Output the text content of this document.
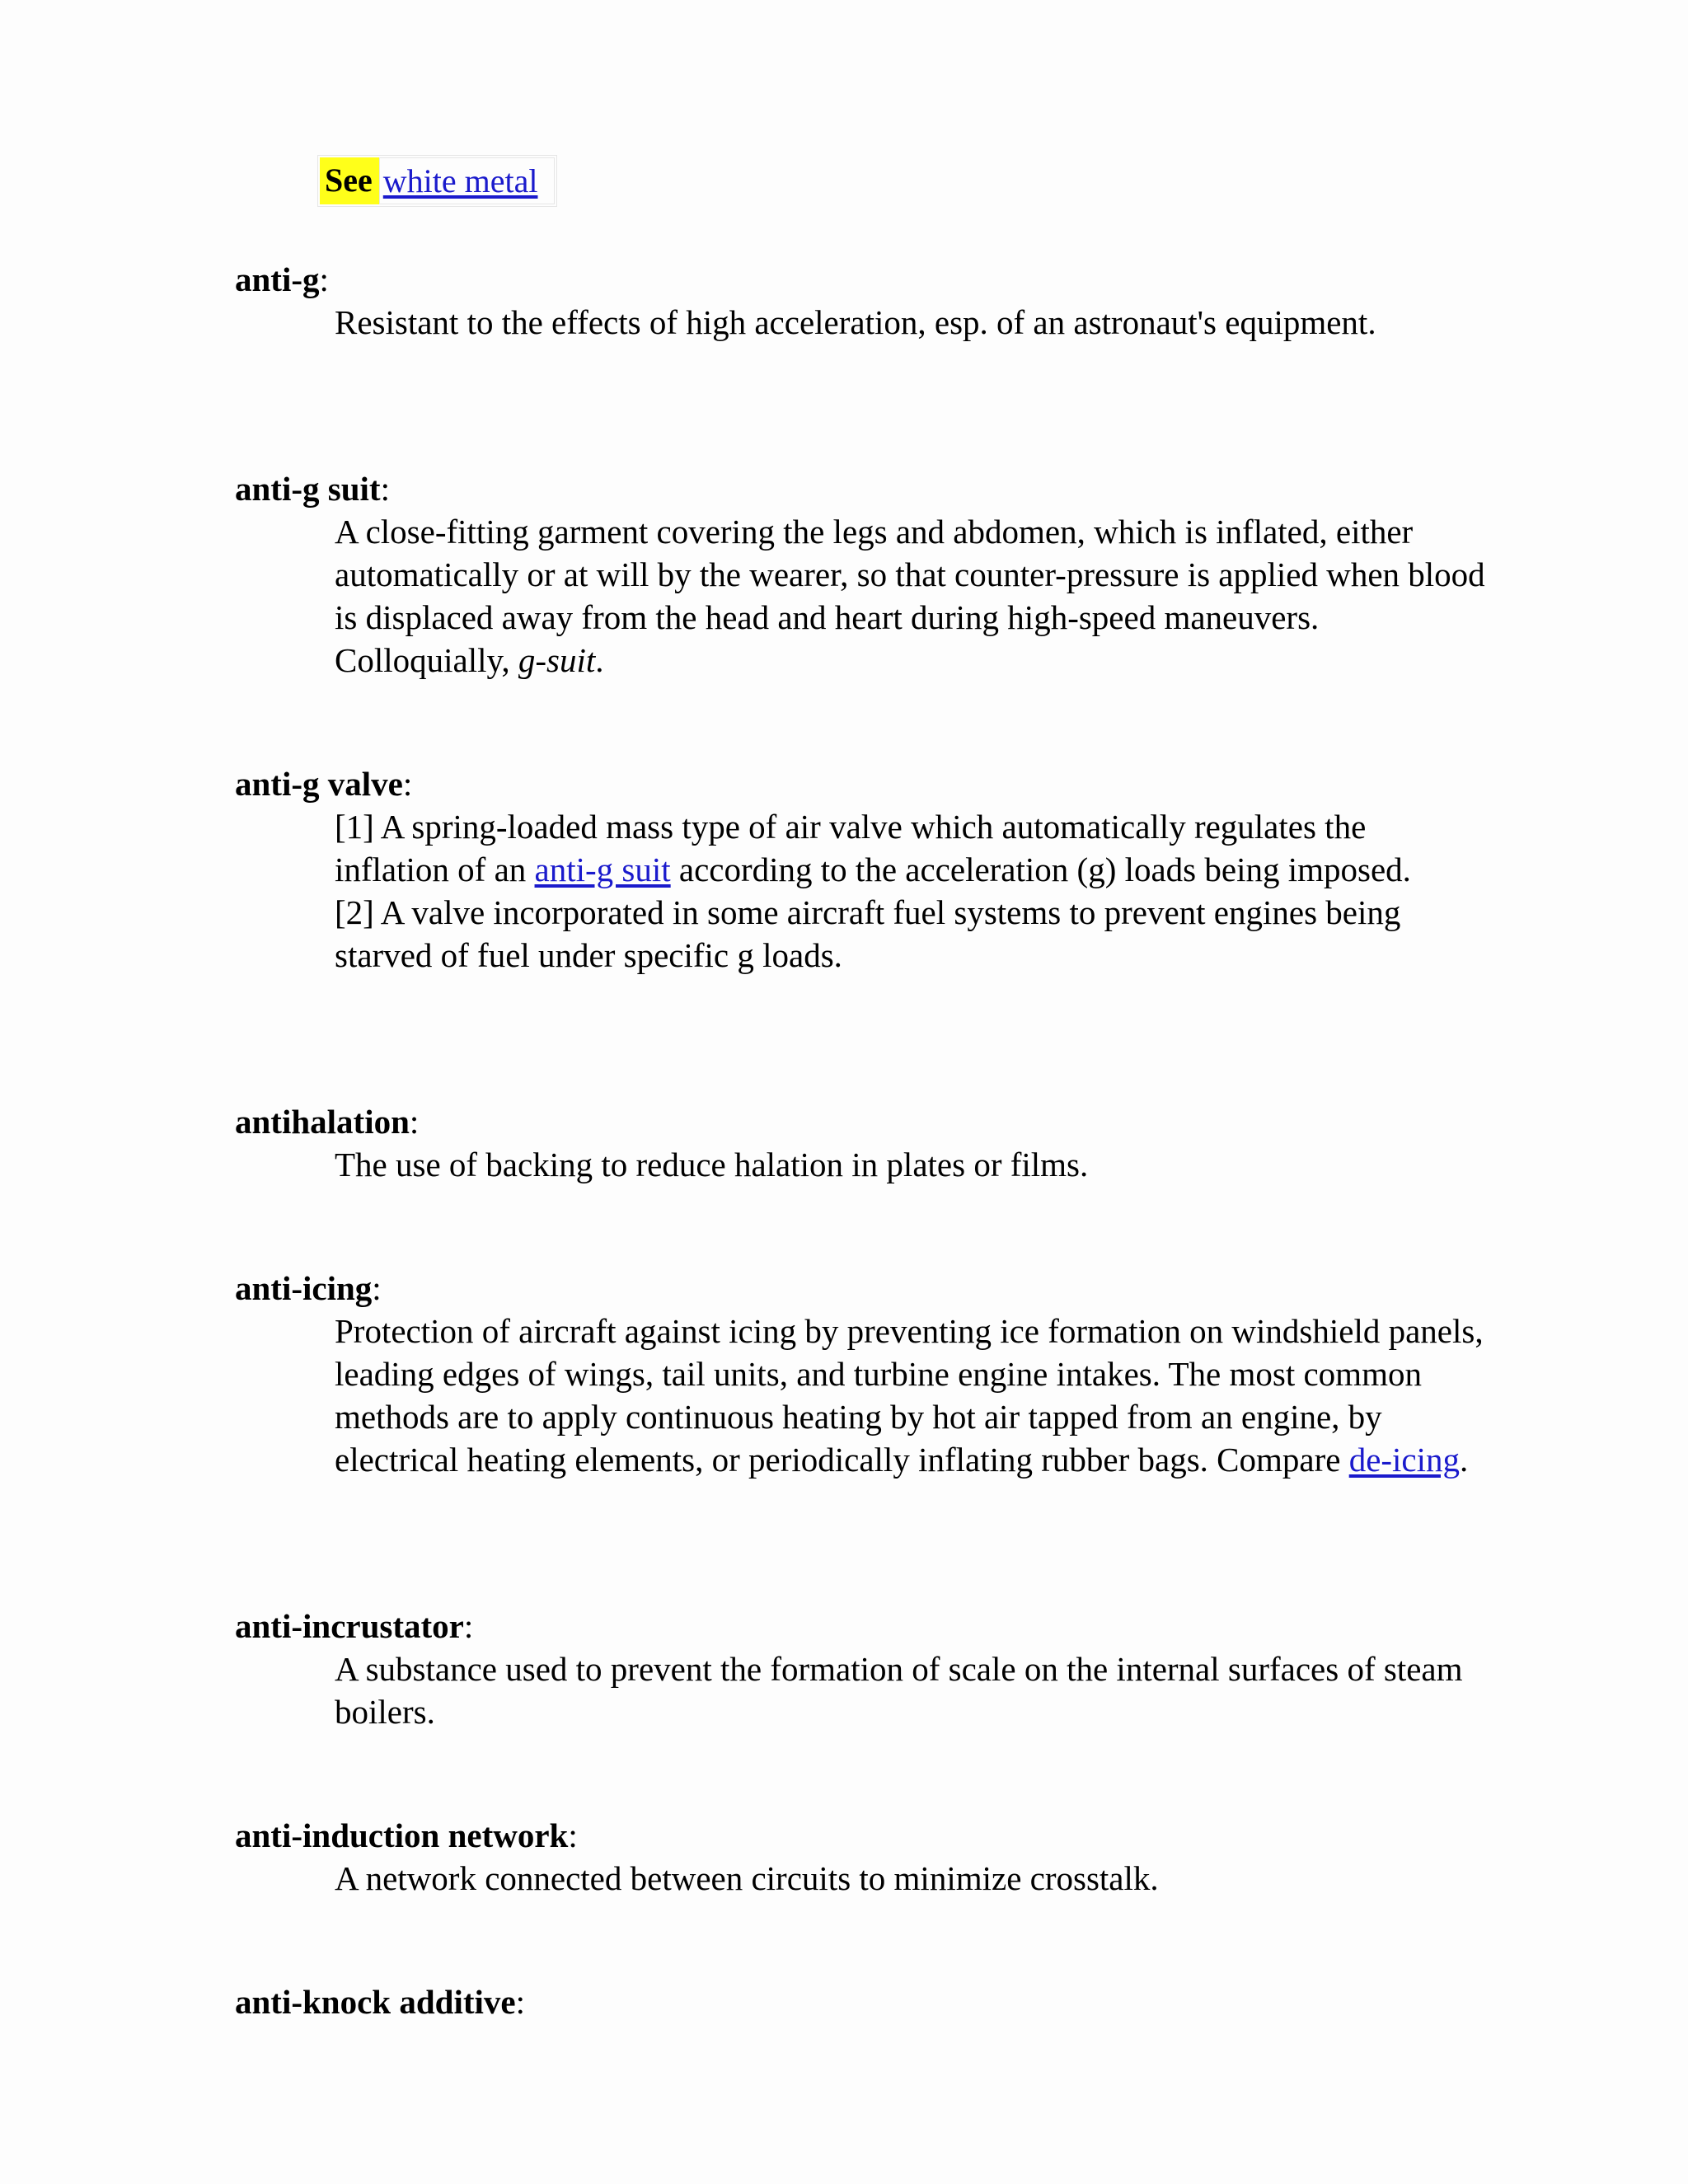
See white metal
anti-g:

Resistant to the effects of high acceleration, esp. of an astronaut's equipment.

anti-g suit:

A close-fitting garment covering the legs and abdomen, which is inflated, either automatically or at will by the wearer, so that counter-pressure is applied when blood is displaced away from the head and heart during high-speed maneuvers. Colloquially, g-suit.

anti-g valve:

[1] A spring-loaded mass type of air valve which automatically regulates the inflation of an anti-g suit according to the acceleration (g) loads being imposed.

[2] A valve incorporated in some aircraft fuel systems to prevent engines being starved of fuel under specific g loads.

antihalation:

The use of backing to reduce halation in plates or films.

anti-icing:

Protection of aircraft against icing by preventing ice formation on windshield panels, leading edges of wings, tail units, and turbine engine intakes. The most common methods are to apply continuous heating by hot air tapped from an engine, by electrical heating elements, or periodically inflating rubber bags. Compare de-icing.

anti-incrustator:

A substance used to prevent the formation of scale on the internal surfaces of steam boilers.

anti-induction network:

A network connected between circuits to minimize crosstalk.

anti-knock additive:
